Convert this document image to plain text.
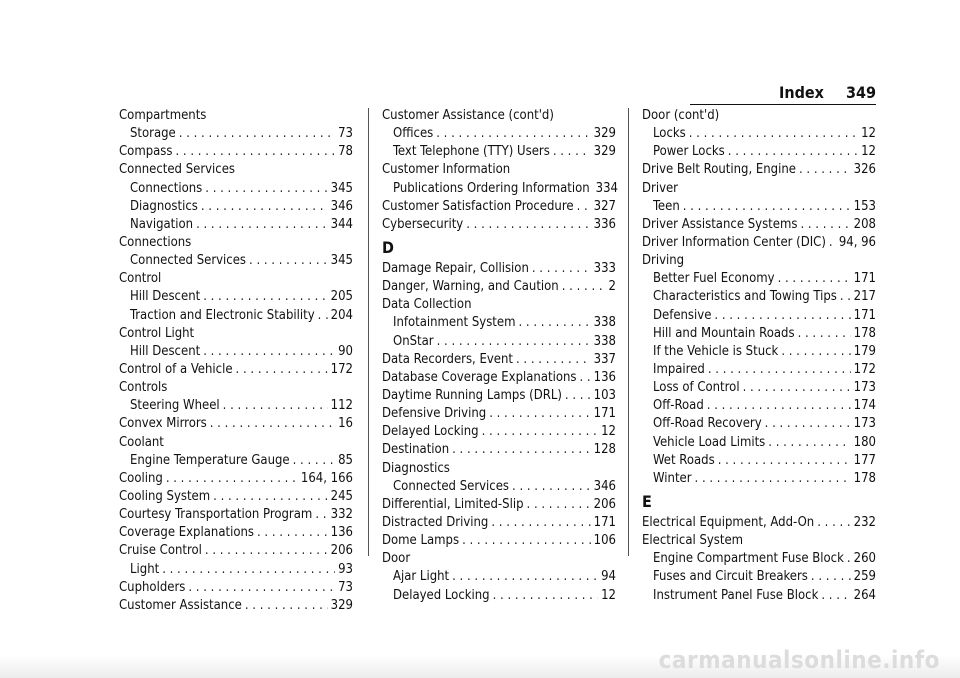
Index 349
Compartments
Storage . . .	73
Compass . . .	78
Connected Services
Connections . . .	345
Diagnostics . . .	346
Navigation . . .	344
Connections
Connected Services . . .	345
Control
Hill Descent . . .	205
Traction and Electronic Stability . . . 204
Control Light
Hill Descent . . .	90
Control of a Vehicle . . .	172
Controls
Steering Wheel . . .	112
Convex Mirrors . . .	16
Coolant
Engine Temperature Gauge . . .	85
Cooling . . .	164, 166
Cooling System . . .	245
Courtesy Transportation Program . . . 332
Coverage Explanations . . .	136
Cruise Control . . .	206
Light . . .	93
Cupholders . . .	73
Customer Assistance . . .	329
Customer Assistance (cont'd)
Offices . . .	329
Text Telephone (TTY) Users . . .	329
Customer Information
Publications Ordering Information 334
Customer Satisfaction Procedure . . . 327
Cybersecurity . . .	336
D
Damage Repair, Collision . . .	333
Danger, Warning, and Caution . . .	2
Data Collection
Infotainment System . . .	338
OnStar . . .	338
Data Recorders, Event . . .	337
Database Coverage Explanations . . . 136
Daytime Running Lamps (DRL) . . . 103
Defensive Driving . . .	171
Delayed Locking . . .	12
Destination . . .	128
Diagnostics
Connected Services . . .	346
Differential, Limited-Slip . . .	206
Distracted Driving . . .	171
Dome Lamps . . .	106
Door
Ajar Light . . .	94
Delayed Locking . . .	12
Door (cont'd)
Locks . . .	12
Power Locks . . .	12
Drive Belt Routing, Engine . . .	326
Driver
Teen . . .	153
Driver Assistance Systems . . .	208
Driver Information Center (DIC) . . . 94, 96
Driving
Better Fuel Economy . . .	171
Characteristics and Towing Tips . . . 217
Defensive . . .	171
Hill and Mountain Roads . . .	178
If the Vehicle is Stuck . . .	179
Impaired . . .	172
Loss of Control . . .	173
Off-Road . . .	174
Off-Road Recovery . . .	173
Vehicle Load Limits . . .	180
Wet Roads . . .	177
Winter . . .	178
E
Electrical Equipment, Add-On . . .	232
Electrical System
Engine Compartment Fuse Block . . . 260
Fuses and Circuit Breakers . . .	259
Instrument Panel Fuse Block . . .	264
carmanualsonline.info
